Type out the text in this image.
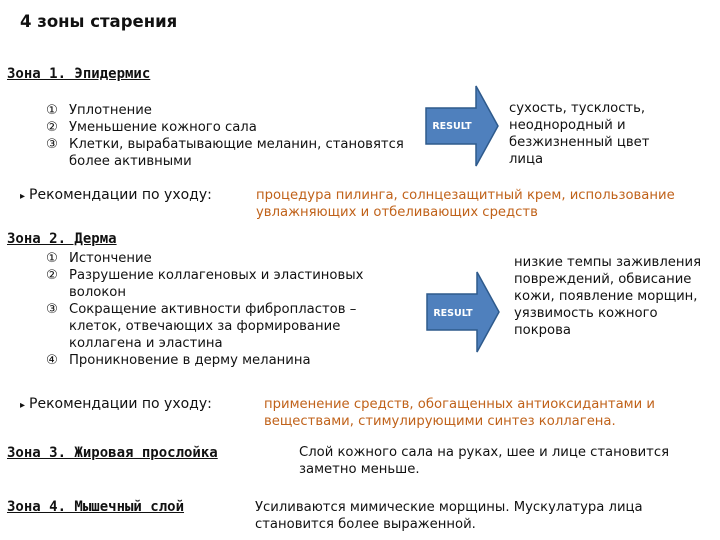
4 зоны старения
Зона 1. Эпидермис
① Уплотнение
② Уменьшение кожного сала
③ Клетки, вырабатывающие меланин, становятся более активными
RESULT
сухость, тусклость, неоднородный и безжизненный цвет лица
▸ Рекомендации по уходу:	процедура пилинга, солнцезащитный крем, использование увлажняющих и отбеливающих средств
Зона 2. Дерма
① Истончение
② Разрушение коллагеновых и эластиновых волокон
③ Сокращение активности фибропластов – клеток, отвечающих за формирование коллагена и эластина
④ Проникновение в дерму меланина
RESULT
низкие темпы заживления повреждений, обвисание кожи, появление морщин, уязвимость кожного покрова
▸ Рекомендации по уходу:	применение средств, обогащенных антиоксидантами и веществами, стимулирующими синтез коллагена.
Зона 3. Жировая прослойка	Слой кожного сала на руках, шее и лице становится заметно меньше.
Зона 4. Мышечный слой	Усиливаются мимические морщины. Мускулатура лица становится более выраженной.
